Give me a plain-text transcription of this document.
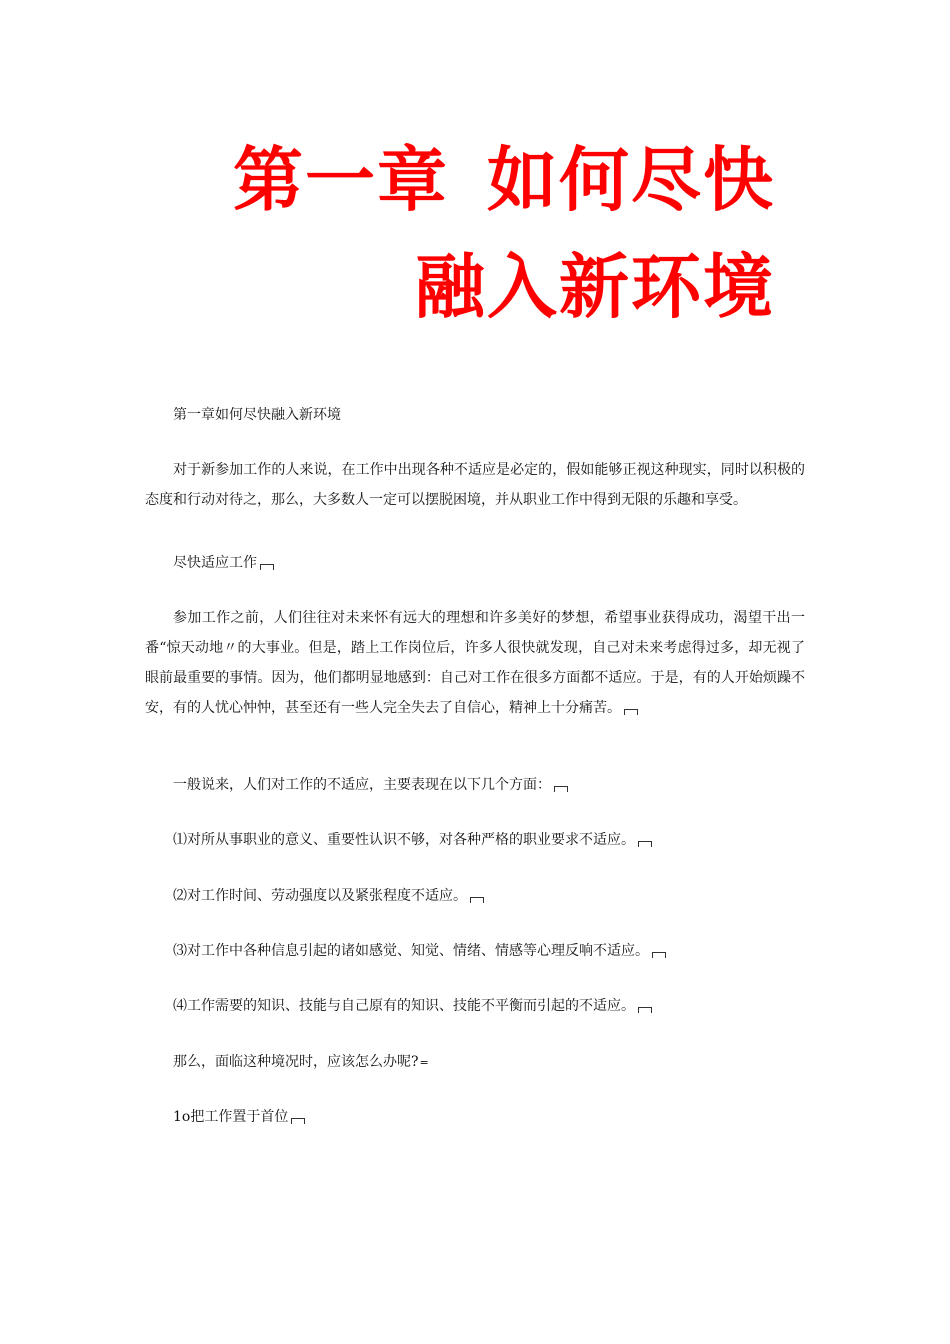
第一章 如何尽快
融入新环境
第一章如何尽快融入新环境
对于新参加工作的人来说，在工作中出现各种不适应是必定的，假如能够正视这种现实，同时以积极的态度和行动对待之，那么，大多数人一定可以摆脱困境，并从职业工作中得到无限的乐趣和享受。
尽快适应工作
参加工作之前，人们往往对未来怀有远大的理想和许多美好的梦想，希望事业获得成功，渴望干出一番“惊天动地〃的大事业。但是，踏上工作岗位后，许多人很快就发现，自己对未来考虑得过多，却无视了眼前最重要的事情。因为，他们都明显地感到：自己对工作在很多方面都不适应。于是，有的人开始烦躁不安，有的人忧心忡忡，甚至还有一些人完全失去了自信心，精神上十分痛苦。
一般说来，人们对工作的不适应，主要表现在以下几个方面：
⑴对所从事职业的意义、重要性认识不够，对各种严格的职业要求不适应。
⑵对工作时间、劳动强度以及紧张程度不适应。
⑶对工作中各种信息引起的诸如感觉、知觉、情绪、情感等心理反响不适应。
⑷工作需要的知识、技能与自己原有的知识、技能不平衡而引起的不适应。
那么，面临这种境况时，应该怎么办呢?=
1o把工作置于首位
